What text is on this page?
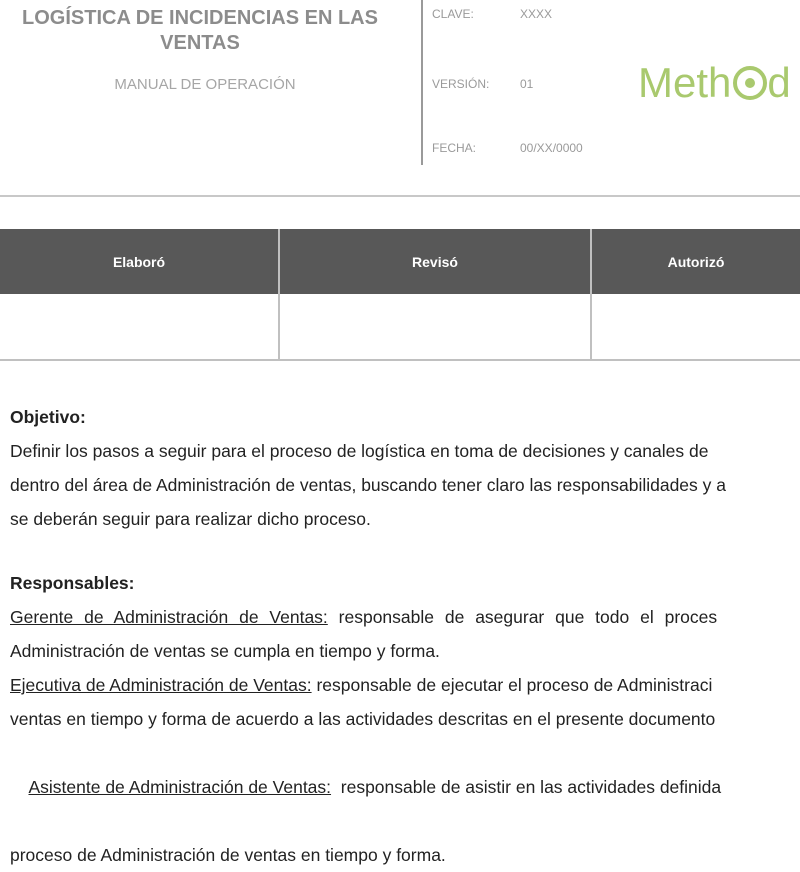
LOGÍSTICA DE INCIDENCIAS EN LAS
VENTAS
MANUAL DE OPERACIÓN
CLAVE:	XXXX
VERSIÓN:	01
FECHA:	00/XX/0000
Meth d
Elaboró	Revisó	Autorizó

Objetivo:
Definir los pasos a seguir para el proceso de logística en toma de decisiones y canales de
dentro del área de Administración de ventas, buscando tener claro las responsabilidades y a
se deberán seguir para realizar dicho proceso.
Responsables:
Gerente de Administración de Ventas: responsable de asegurar que todo el proces
Administración de ventas se cumpla en tiempo y forma.
Ejecutiva de Administración de Ventas: responsable de ejecutar el proceso de Administraci
ventas en tiempo y forma de acuerdo a las actividades descritas en el presente documento

Asistente de Administración de Ventas:  responsable de asistir en las actividades definida

proceso de Administración de ventas en tiempo y forma.
